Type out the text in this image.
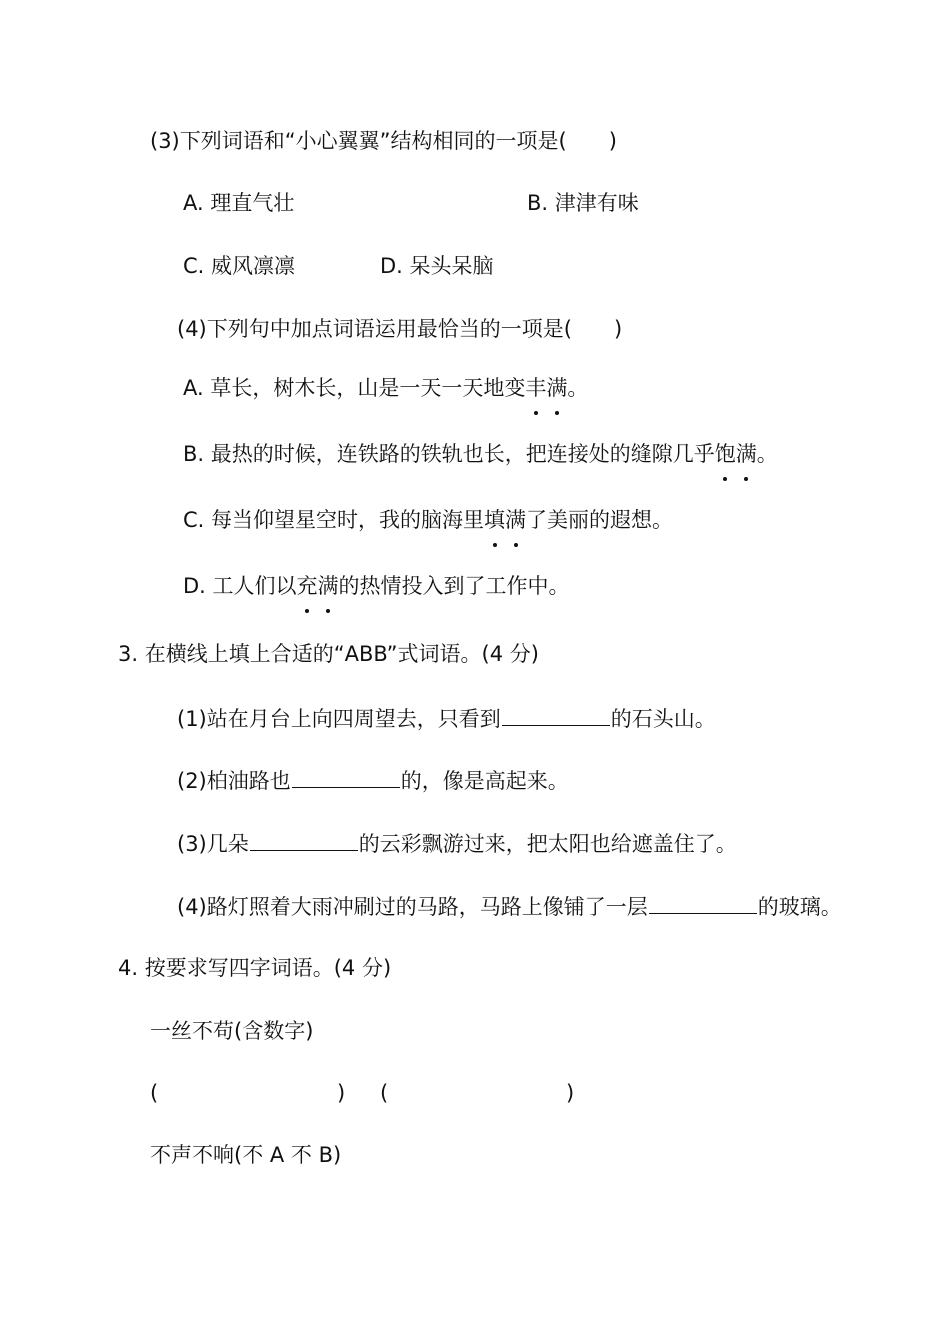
(3)下列词语和“小心翼翼”结构相同的一项是( )
A. 理直气壮	B. 津津有味
C. 威风凛凛	D. 呆头呆脑
(4)下列句中加点词语运用最恰当的一项是( )
A. 草长，树木长，山是一天一天地变丰满
。
B. 最热的时候，连铁路的铁轨也长，把连接处的缝隙几乎饱满
。
C. 每当仰望星空时，我的脑海里填满
了美丽的遐想。
D. 工人们以充满
的热情投入到了工作中。
3. 在横线上填上合适的“ABB”式词语。(4 分)
(1)站在月台上向四周望去，只看到	的石头山。
(2)柏油路也	的，像是高起来。
(3)几朵	的云彩飘游过来，把太阳也给遮盖住了。
(4)路灯照着大雨冲刷过的马路，马路上像铺了一层	的玻璃。
4. 按要求写四字词语。(4 分)
一丝不苟(含数字)
(	) (	)
不声不响(不 A 不 B)
